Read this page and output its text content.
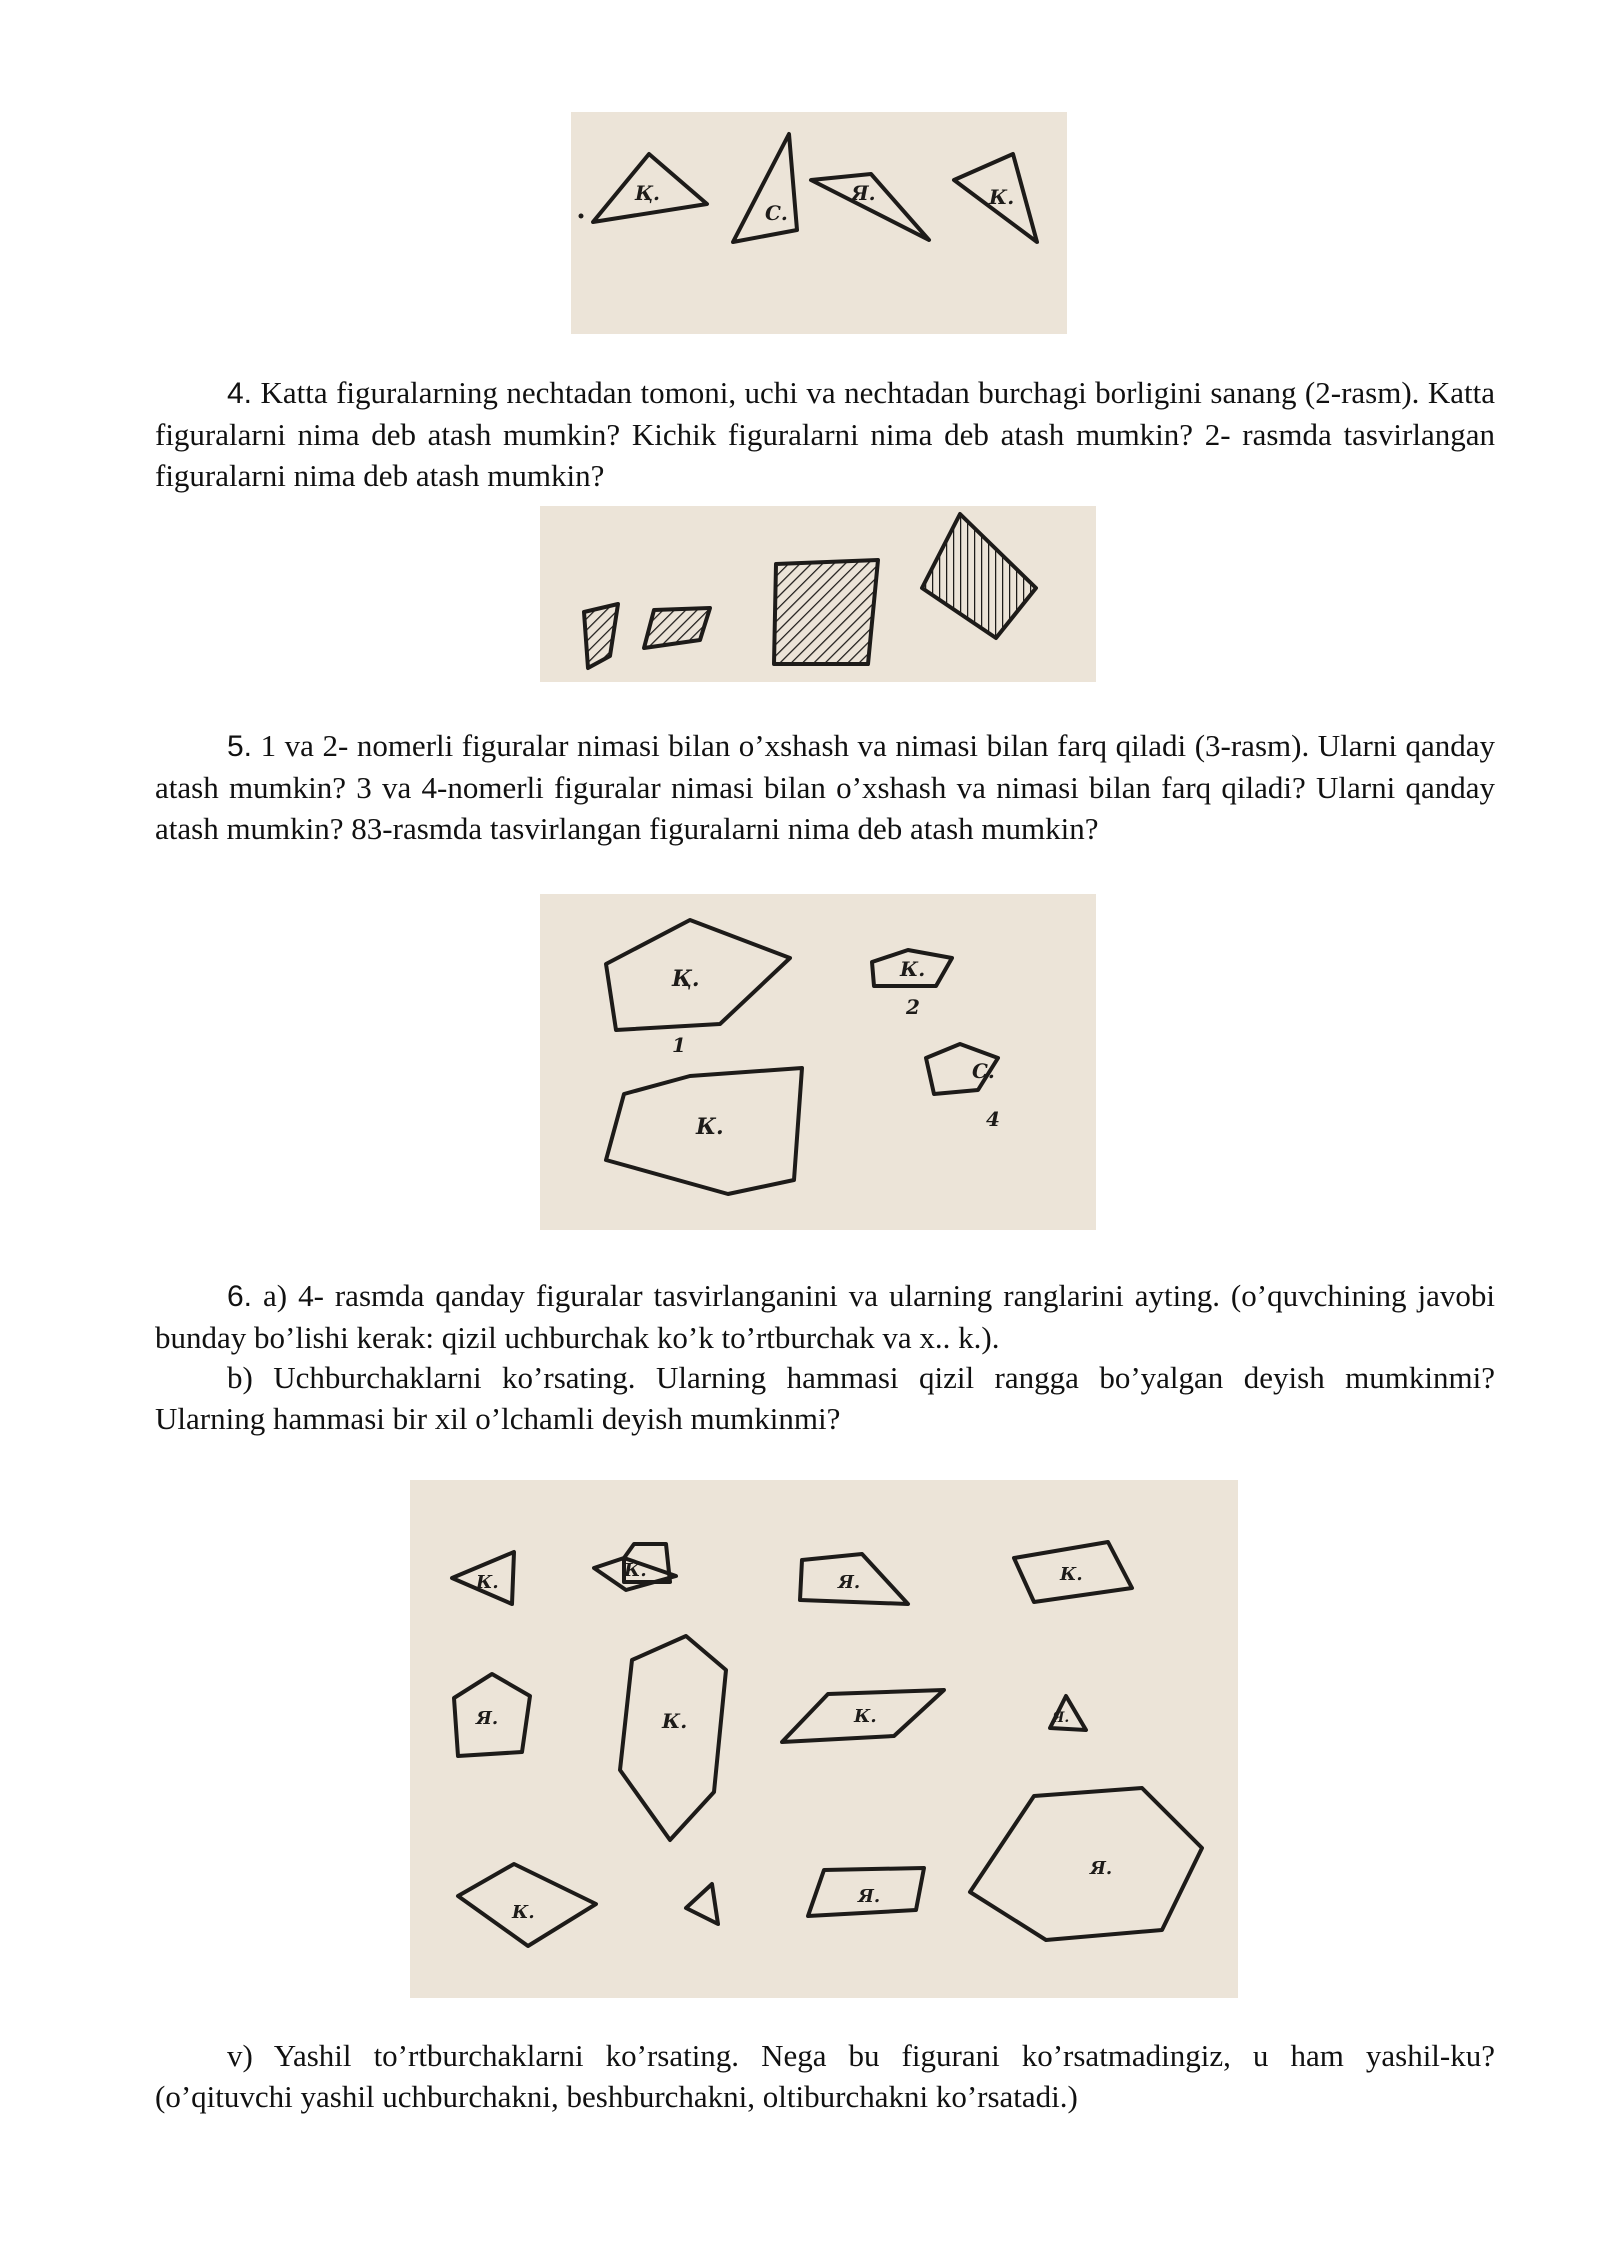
Қ.
С.
Я.	К.

4. Katta figuralarning nechtadan tomoni, uchi va nechtadan burchagi borligini sanang (2-rasm). Katta figuralarni nima deb atash mumkin? Kichik figuralarni nima deb atash mumkin? 2- rasmda tasvirlangan figuralarni nima deb atash mumkin?

5. 1 va 2- nomerli figuralar nimasi bilan o’xshash va nimasi bilan farq qiladi (3-rasm). Ularni qanday atash mumkin? 3 va 4-nomerli figuralar nimasi bilan o’xshash va nimasi bilan farq qiladi? Ularni qanday atash mumkin? 83-rasmda tasvirlangan figuralarni nima deb atash mumkin?

Қ.	К.
К.
С.
1
2
4

6. a) 4- rasmda qanday figuralar tasvirlanganini va ularning ranglarini ayting. (o’quvchining javobi bunday bo’lishi kerak: qizil uchburchak ko’k to’rtburchak va x.. k.).

b) Uchburchaklarni ko’rsating. Ularning hammasi qizil rangga bo’yalgan deyish mumkinmi? Ularning hammasi bir xil o’lchamli deyish mumkinmi?

К.
К.
Я.	К.
Я.	К.	К.	Я.
К.
Я.
Я.

v) Yashil to’rtburchaklarni ko’rsating. Nega bu figurani ko’rsatmadingiz, u ham yashil-ku? (o’qituvchi yashil uchburchakni, beshburchakni, oltiburchakni ko’rsatadi.)
